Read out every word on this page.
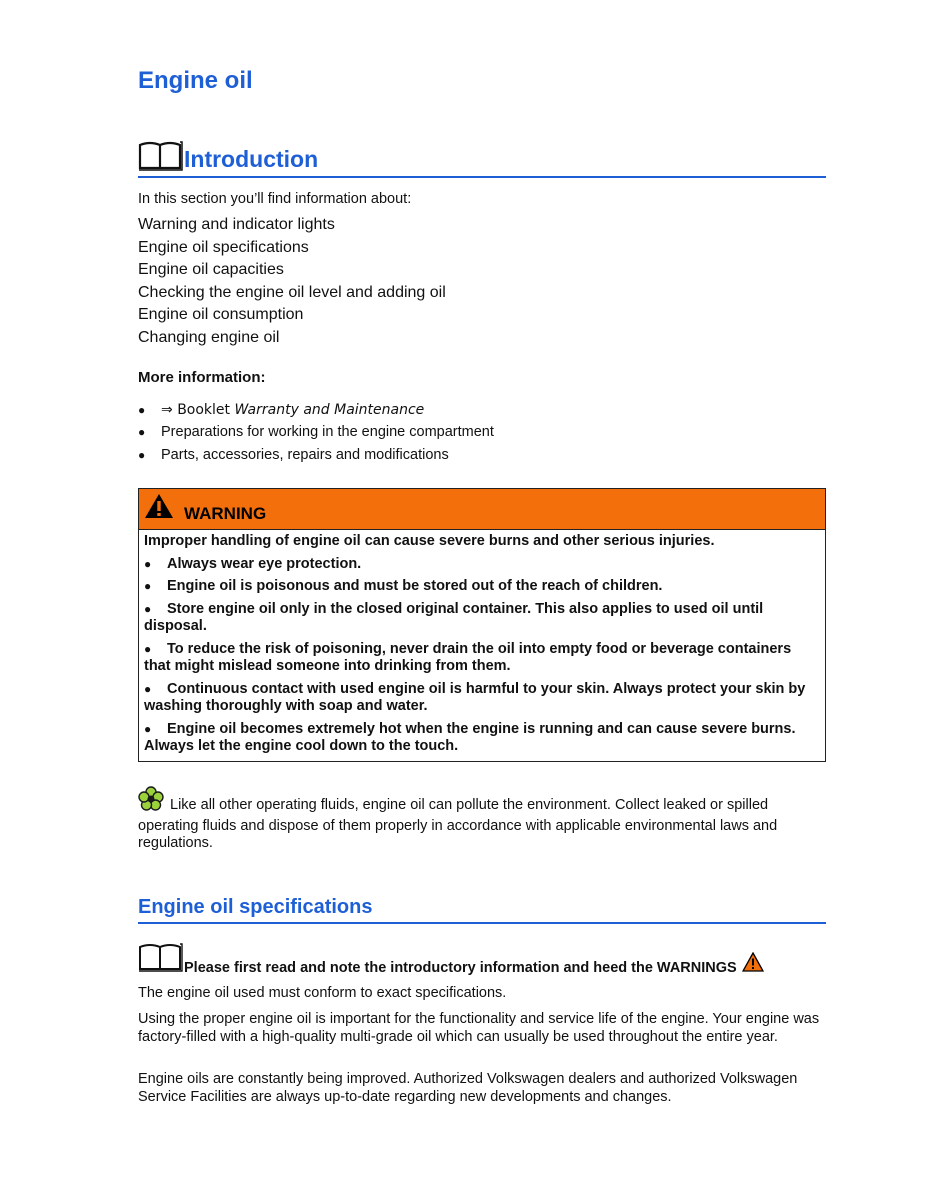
Engine oil
Introduction
In this section you’ll find information about:
Warning and indicator lights
Engine oil specifications
Engine oil capacities
Checking the engine oil level and adding oil
Engine oil consumption
Changing engine oil
More information:
●	⇒ Booklet Warranty and Maintenance
●	Preparations for working in the engine compartment
●	Parts, accessories, repairs and modifications
WARNING
Improper handling of engine oil can cause severe burns and other serious injuries.
● Always wear eye protection.
● Engine oil is poisonous and must be stored out of the reach of children.
● Store engine oil only in the closed original container. This also applies to used oil until disposal.
● To reduce the risk of poisoning, never drain the oil into empty food or beverage containers that might mislead someone into drinking from them.
● Continuous contact with used engine oil is harmful to your skin. Always protect your skin by washing thoroughly with soap and water.
● Engine oil becomes extremely hot when the engine is running and can cause severe burns. Always let the engine cool down to the touch.
Like all other operating fluids, engine oil can pollute the environment. Collect leaked or spilled operating fluids and dispose of them properly in accordance with applicable environmental laws and regulations.
Engine oil specifications
Please first read and note the introductory information and heed the WARNINGS

The engine oil used must conform to exact specifications.

Using the proper engine oil is important for the functionality and service life of the engine. Your engine was factory-filled with a high-quality multi-grade oil which can usually be used throughout the entire year.

Engine oils are constantly being improved. Authorized Volkswagen dealers and authorized Volkswagen Service Facilities are always up-to-date regarding new developments and changes.
